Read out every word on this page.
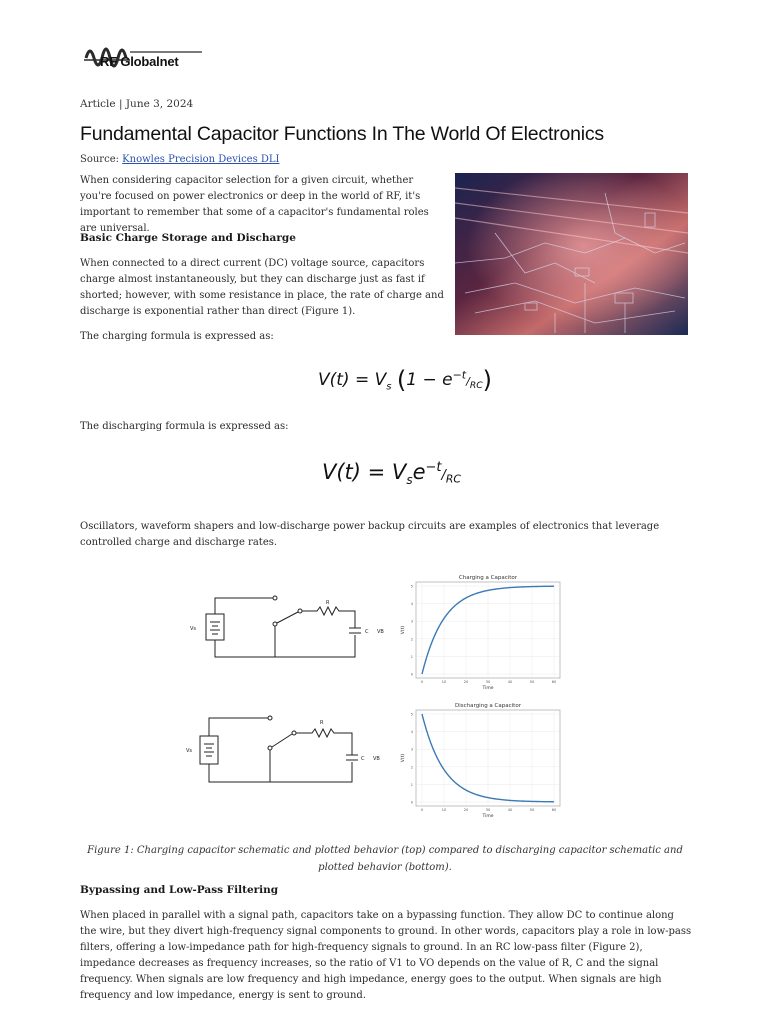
RF Globalnet
Article | June 3, 2024
Fundamental Capacitor Functions In The World Of Electronics
Source: Knowles Precision Devices DLI
When considering capacitor selection for a given circuit, whether you're focused on power electronics or deep in the world of RF, it's important to remember that some of a capacitor's fundamental roles are universal.
Basic Charge Storage and Discharge
When connected to a direct current (DC) voltage source, capacitors charge almost instantaneously, but they can discharge just as fast if shorted; however, with some resistance in place, the rate of charge and discharge is exponential rather than direct (Figure 1).
The charging formula is expressed as:
$V(t) = V_s$ $(1 - e^{-t}/_{RC})$
The discharging formula is expressed as:
$V(t) = V_se^{-t}/_{RC}$
Oscillators, waveform shapers and low-discharge power backup circuits are examples of electronics that leverage controlled charge and discharge rates.
Vs
R
C VB
Vs
R
C VB
Charging a Capacitor
5
4
3
2
1
0
0	10	20	30	40	50	60
Time
V(t)
Discharging a Capacitor
5
4
3
2
1
0
0	10	20	30	40	50	60
Time
V(t)
Figure 1: Charging capacitor schematic and plotted behavior (top) compared to discharging capacitor schematic and plotted behavior (bottom).
Bypassing and Low-Pass Filtering
When placed in parallel with a signal path, capacitors take on a bypassing function. They allow DC to continue along the wire, but they divert high-frequency signal components to ground. In other words, capacitors play a role in low-pass filters, offering a low-impedance path for high-frequency signals to ground. In an RC low-pass filter (Figure 2), impedance decreases as frequency increases, so the ratio of V1 to VO depends on the value of R, C and the signal frequency. When signals are low frequency and high impedance, energy goes to the output. When signals are high frequency and low impedance, energy is sent to ground.
